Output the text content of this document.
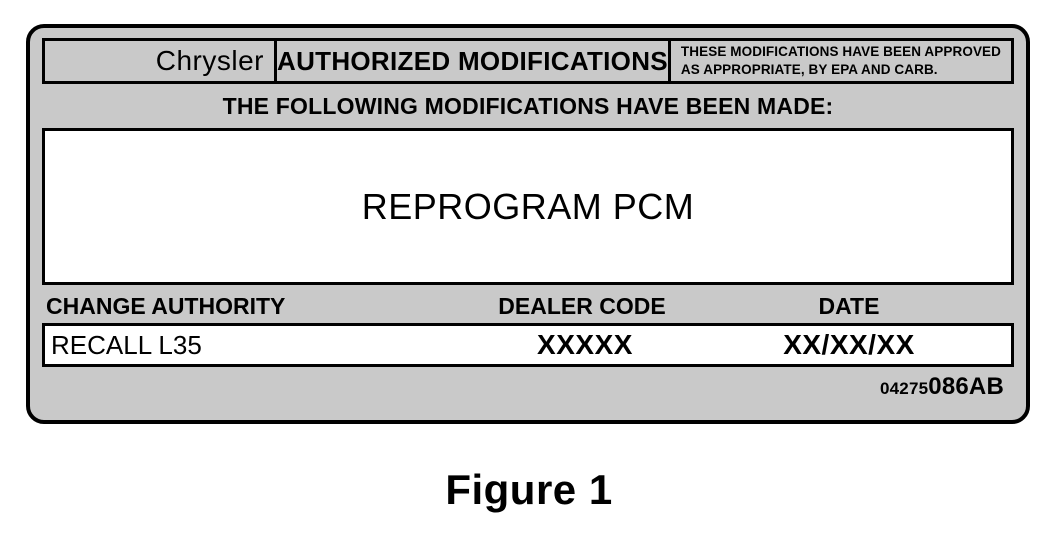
Chrysler AUTHORIZED MODIFICATIONS THESE MODIFICATIONS HAVE BEEN APPROVED
AS APPROPRIATE, BY EPA AND CARB.
THE FOLLOWING MODIFICATIONS HAVE BEEN MADE:
REPROGRAM PCM
CHANGE AUTHORITY	DEALER CODE	DATE
RECALL L35	XXXXX	XX/XX/XX
04275 086AB
Figure 1
